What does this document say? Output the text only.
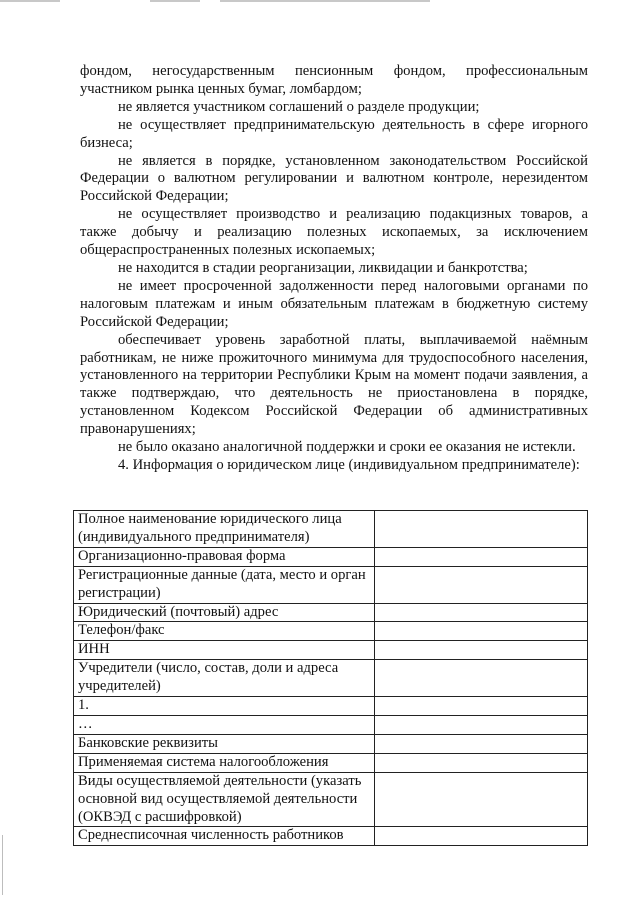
фондом, негосударственным пенсионным фондом, профессиональным участником рынка ценных бумаг, ломбардом;

не является участником соглашений о разделе продукции;

не осуществляет предпринимательскую деятельность в сфере игорного бизнеса;

не является в порядке, установленном законодательством Российской Федерации о валютном регулировании и валютном контроле, нерезидентом Российской Федерации;

не осуществляет производство и реализацию подакцизных товаров, а также добычу и реализацию полезных ископаемых, за исключением общераспространенных полезных ископаемых;

не находится в стадии реорганизации, ликвидации и банкротства;

не имеет просроченной задолженности перед налоговыми органами по налоговым платежам и иным обязательным платежам в бюджетную систему Российской Федерации;

обеспечивает уровень заработной платы, выплачиваемой наёмным работникам, не ниже прожиточного минимума для трудоспособного населения, установленного на территории Республики Крым на момент подачи заявления, а также подтверждаю, что деятельность не приостановлена в порядке, установленном Кодексом Российской Федерации об административных правонарушениях;

не было оказано аналогичной поддержки и сроки ее оказания не истекли.

4. Информация о юридическом лице (индивидуальном предпринимателе):

Полное наименование юридического лица (индивидуального предпринимателя)	
Организационно-правовая форма	
Регистрационные данные (дата, место и орган регистрации)	
Юридический (почтовый) адрес	
Телефон/факс	
ИНН	
Учредители (число, состав, доли и адреса учредителей)	
1.	
…	
Банковские реквизиты	
Применяемая система налогообложения	
Виды осуществляемой деятельности (указать основной вид осуществляемой деятельности (ОКВЭД с расшифровкой)	
Среднесписочная численность работников	
